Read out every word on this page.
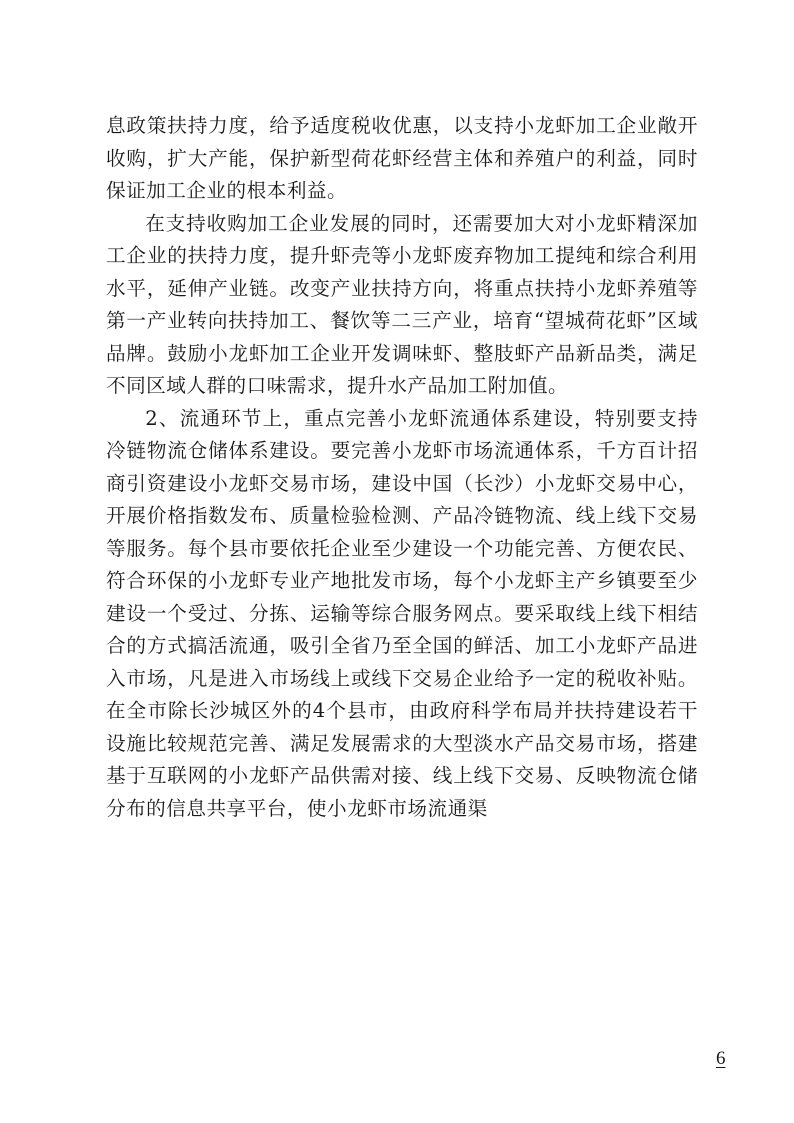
息政策扶持力度，给予适度税收优惠，以支持小龙虾加工企业敞开收购，扩大产能，保护新型荷花虾经营主体和养殖户的利益，同时保证加工企业的根本利益。

在支持收购加工企业发展的同时，还需要加大对小龙虾精深加工企业的扶持力度，提升虾壳等小龙虾废弃物加工提纯和综合利用水平，延伸产业链。改变产业扶持方向，将重点扶持小龙虾养殖等第一产业转向扶持加工、餐饮等二三产业，培育“望城荷花虾”区域品牌。鼓励小龙虾加工企业开发调味虾、整肢虾产品新品类，满足不同区域人群的口味需求，提升水产品加工附加值。

2、流通环节上，重点完善小龙虾流通体系建设，特别要支持冷链物流仓储体系建设。要完善小龙虾市场流通体系，千方百计招商引资建设小龙虾交易市场，建设中国（长沙）小龙虾交易中心，开展价格指数发布、质量检验检测、产品冷链物流、线上线下交易等服务。每个县市要依托企业至少建设一个功能完善、方便农民、符合环保的小龙虾专业产地批发市场，每个小龙虾主产乡镇要至少建设一个受过、分拣、运输等综合服务网点。要采取线上线下相结合的方式搞活流通，吸引全省乃至全国的鲜活、加工小龙虾产品进入市场，凡是进入市场线上或线下交易企业给予一定的税收补贴。在全市除长沙城区外的4个县市，由政府科学布局并扶持建设若干设施比较规范完善、满足发展需求的大型淡水产品交易市场，搭建基于互联网的小龙虾产品供需对接、线上线下交易、反映物流仓储分布的信息共享平台，使小龙虾市场流通渠

6
